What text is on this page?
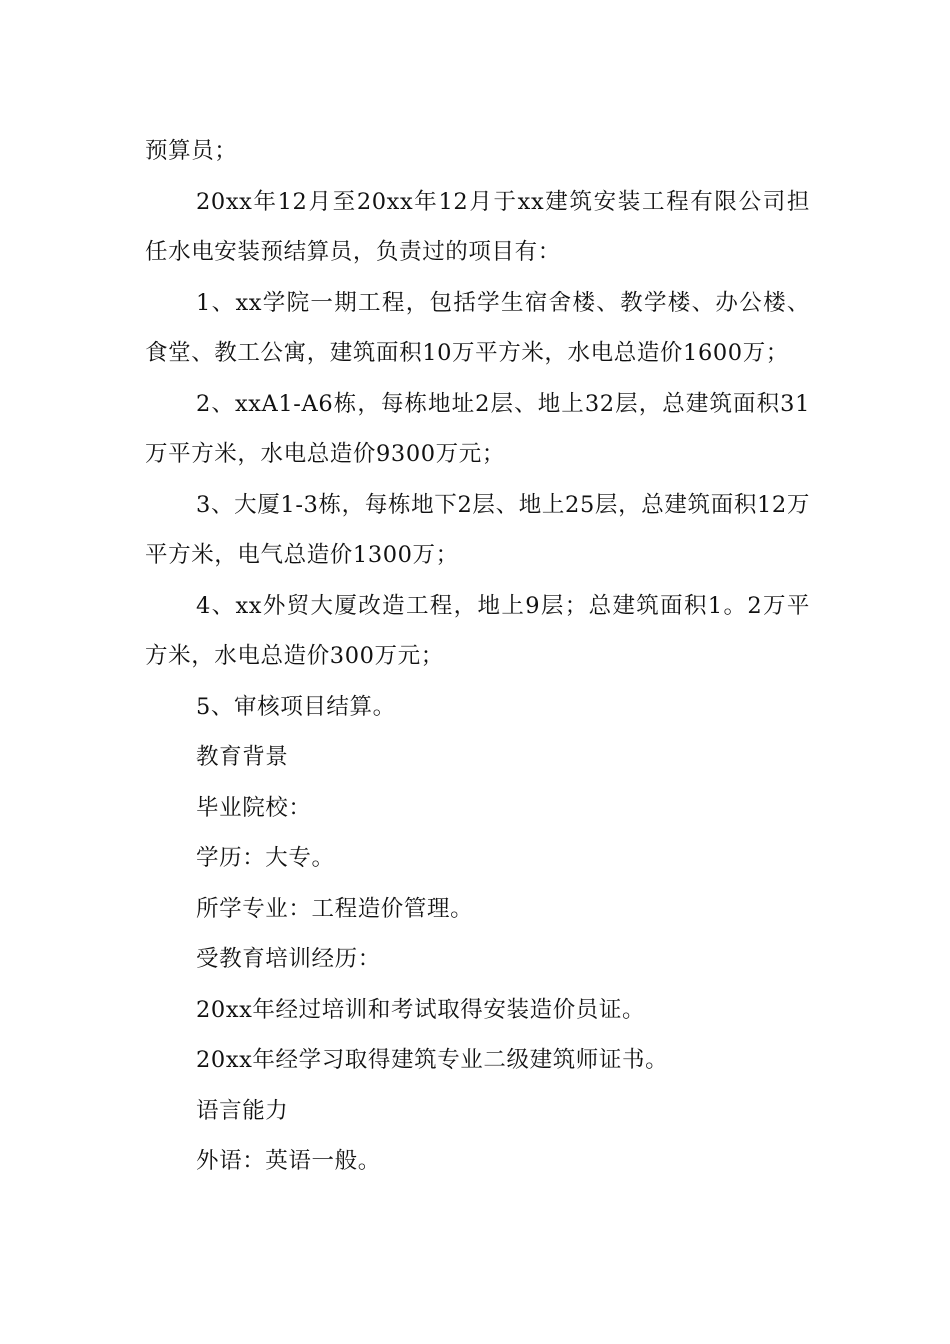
预算员；

20xx年12月至20xx年12月于xx建筑安装工程有限公司担任水电安装预结算员，负责过的项目有：

1、xx学院一期工程，包括学生宿舍楼、教学楼、办公楼、食堂、教工公寓，建筑面积10万平方米，水电总造价1600万；

2、xxA1-A6栋，每栋地址2层、地上32层，总建筑面积31万平方米，水电总造价9300万元；

3、大厦1-3栋，每栋地下2层、地上25层，总建筑面积12万平方米，电气总造价1300万；

4、xx外贸大厦改造工程，地上9层；总建筑面积1。2万平方米，水电总造价300万元；

5、审核项目结算。

教育背景

毕业院校：

学历：大专。

所学专业：工程造价管理。

受教育培训经历：

20xx年经过培训和考试取得安装造价员证。

20xx年经学习取得建筑专业二级建筑师证书。

语言能力

外语：英语一般。
